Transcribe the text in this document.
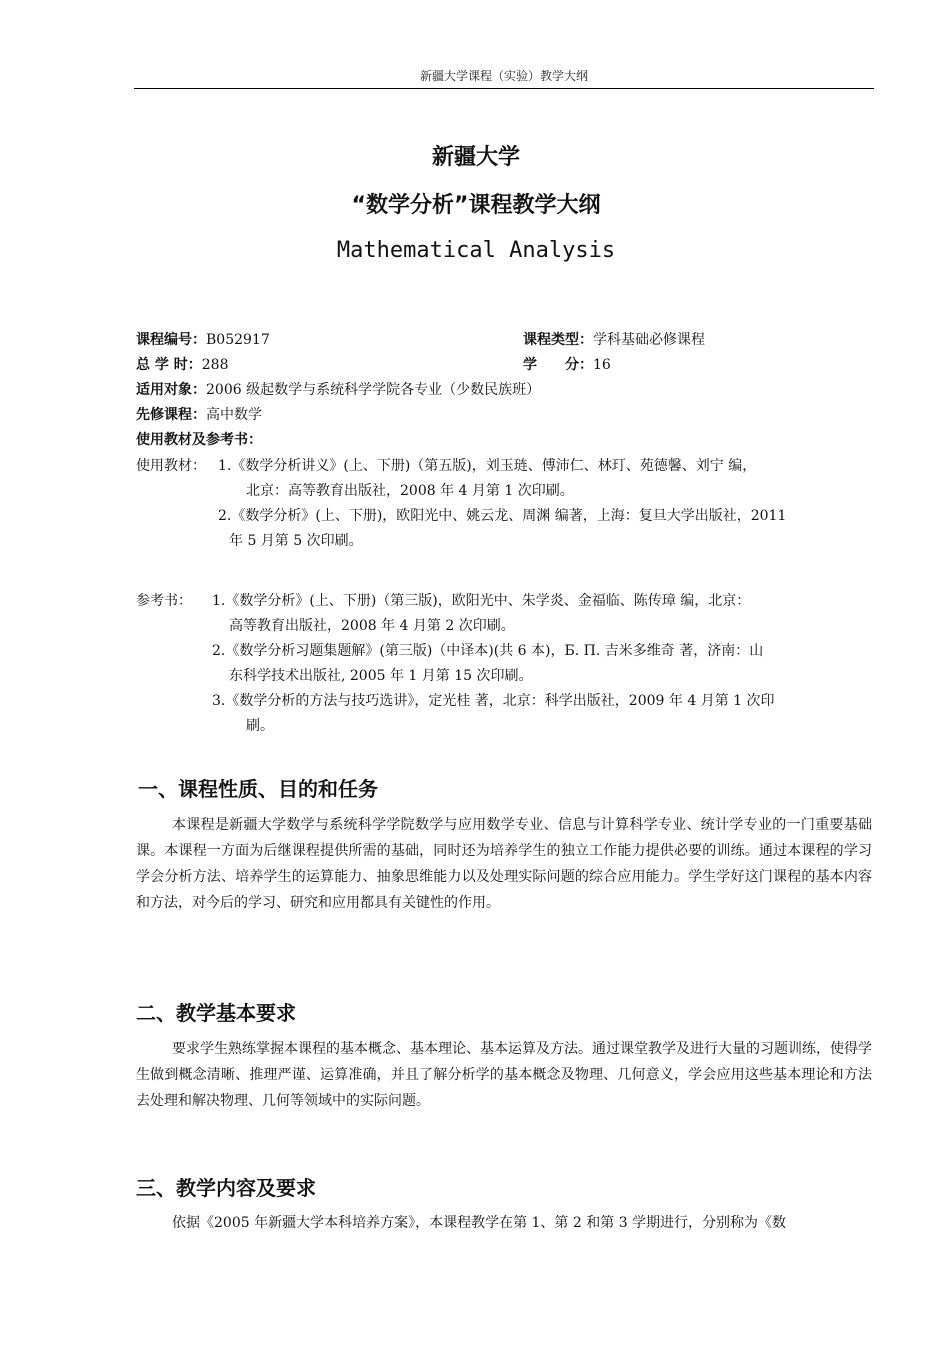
新疆大学课程（实验）教学大纲
新疆大学
“数学分析”课程教学大纲
Mathematical Analysis
课程编号：B052917	课程类型：学科基础必修课程
总 学 时：288	学　　分：16
适用对象：2006 级起数学与系统科学学院各专业（少数民族班）
先修课程：高中数学
使用教材及参考书：
使用教材： 1.《数学分析讲义》(上、下册)（第五版)，刘玉琏、傅沛仁、林玎、苑德馨、刘宁 编，
北京：高等教育出版社，2008 年 4 月第 1 次印刷。
2.《数学分析》(上、下册)，欧阳光中、姚云龙、周渊 编著，上海：复旦大学出版社，2011
年 5 月第 5 次印刷。
参考书： 1.《数学分析》(上、下册)（第三版)，欧阳光中、朱学炎、金福临、陈传璋 编，北京：
高等教育出版社，2008 年 4 月第 2 次印刷。
2.《数学分析习题集题解》(第三版)（中译本)(共 6 本)，Б. П. 吉米多维奇 著，济南：山
东科学技术出版社, 2005 年 1 月第 15 次印刷。
3.《数学分析的方法与技巧选讲》，定光桂 著，北京：科学出版社，2009 年 4 月第 1 次印
刷。
一、课程性质、目的和任务

本课程是新疆大学数学与系统科学学院数学与应用数学专业、信息与计算科学专业、统计学专业的一门重要基础课。本课程一方面为后继课程提供所需的基础，同时还为培养学生的独立工作能力提供必要的训练。通过本课程的学习学会分析方法、培养学生的运算能力、抽象思维能力以及处理实际问题的综合应用能力。学生学好这门课程的基本内容和方法，对今后的学习、研究和应用都具有关键性的作用。

二、教学基本要求

要求学生熟练掌握本课程的基本概念、基本理论、基本运算及方法。通过课堂教学及进行大量的习题训练，使得学生做到概念清晰、推理严谨、运算准确，并且了解分析学的基本概念及物理、几何意义，学会应用这些基本理论和方法去处理和解决物理、几何等领域中的实际问题。

三、教学内容及要求

依据《2005 年新疆大学本科培养方案》，本课程教学在第 1、第 2 和第 3 学期进行，分别称为《数
